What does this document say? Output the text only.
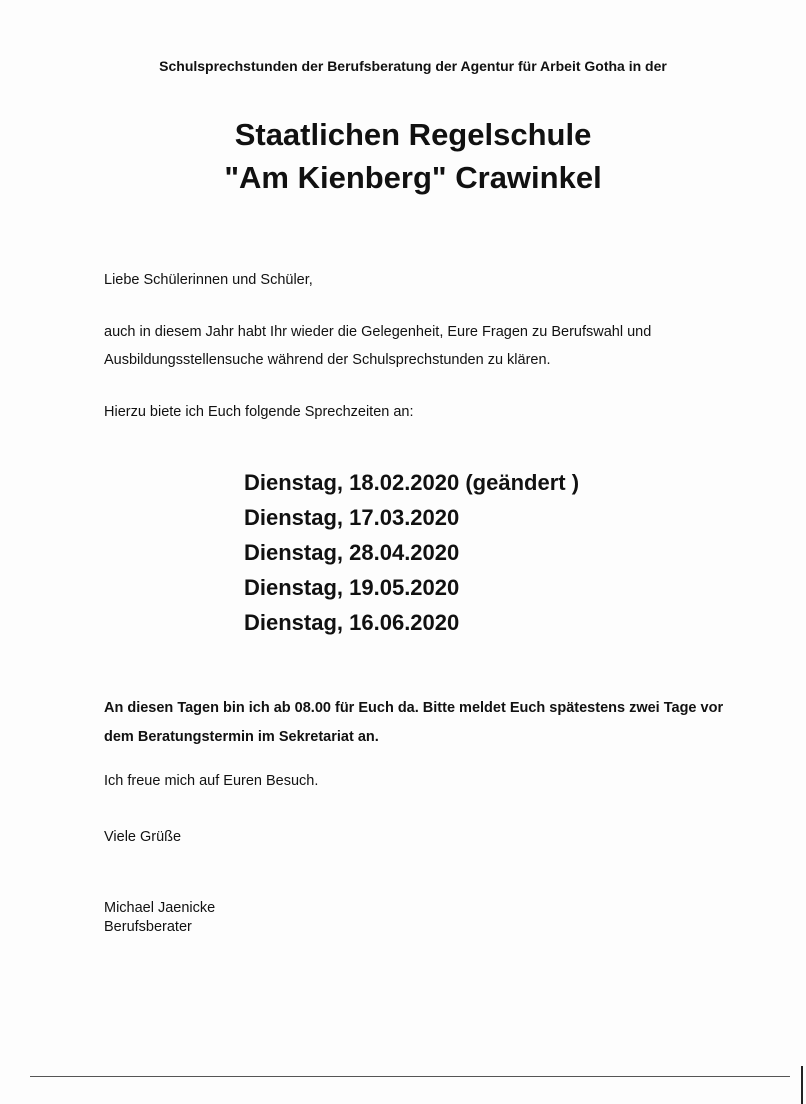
Schulsprechstunden der Berufsberatung der Agentur für Arbeit Gotha in der

Staatlichen Regelschule
"Am Kienberg" Crawinkel

Liebe Schülerinnen und Schüler,

auch in diesem Jahr habt Ihr wieder die Gelegenheit, Eure Fragen zu Berufswahl und Ausbildungsstellensuche während der Schulsprechstunden zu klären.

Hierzu biete ich Euch folgende Sprechzeiten an:

Dienstag, 18.02.2020 (geändert )
Dienstag, 17.03.2020
Dienstag, 28.04.2020
Dienstag, 19.05.2020
Dienstag, 16.06.2020

An diesen Tagen bin ich ab 08.00 für Euch da. Bitte meldet Euch spätestens zwei Tage vor dem Beratungstermin im Sekretariat an.

Ich freue mich auf Euren Besuch.

Viele Grüße

Michael Jaenicke
Berufsberater
